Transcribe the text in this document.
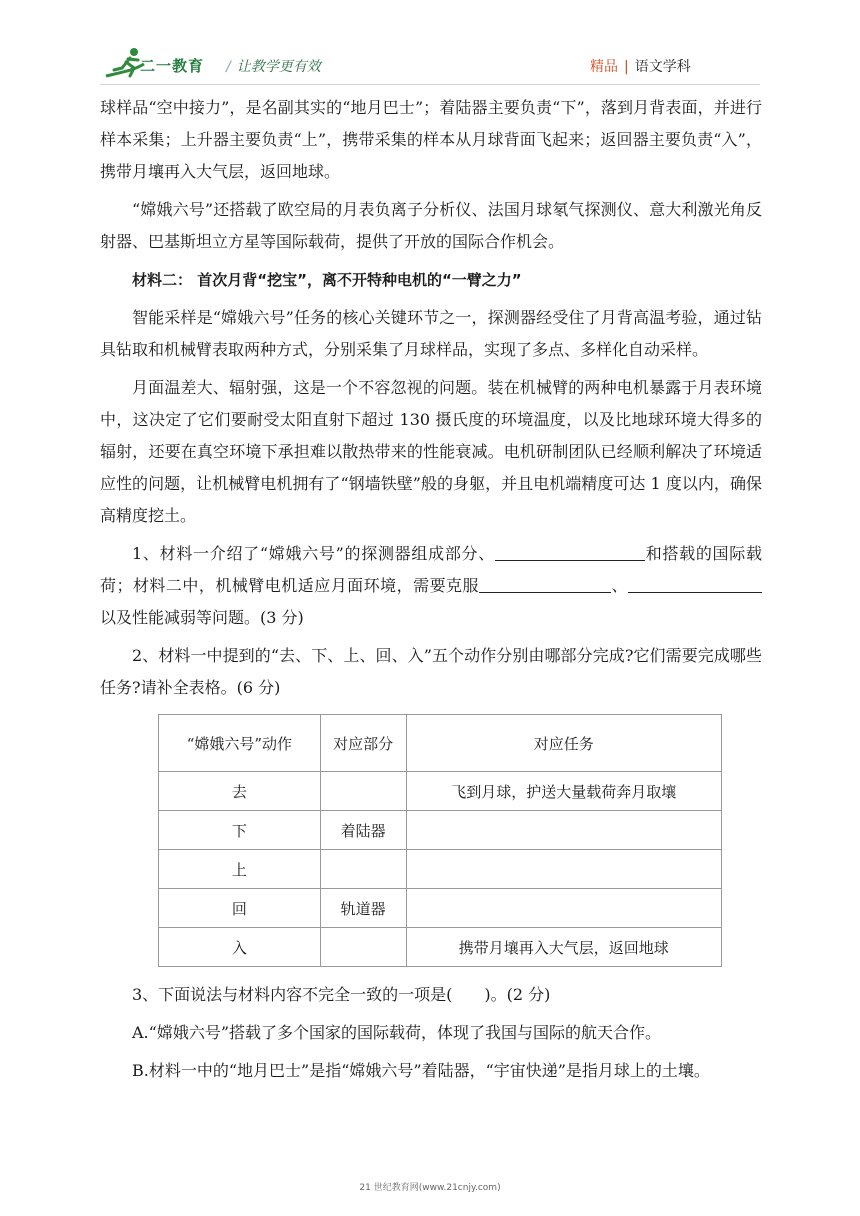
二一教育 / 让教学更有效	精品 | 语文学科

球样品“空中接力”，是名副其实的“地月巴士”；着陆器主要负责“下”，落到月背表面，并进行样本采集；上升器主要负责“上”，携带采集的样本从月球背面飞起来；返回器主要负责“入”，携带月壤再入大气层，返回地球。

“嫦娥六号”还搭载了欧空局的月表负离子分析仪、法国月球氡气探测仪、意大利激光角反射器、巴基斯坦立方星等国际载荷，提供了开放的国际合作机会。

材料二： 首次月背“挖宝”，离不开特种电机的“一臂之力”

智能采样是“嫦娥六号”任务的核心关键环节之一，探测器经受住了月背高温考验，通过钻具钻取和机械臂表取两种方式，分别采集了月球样品，实现了多点、多样化自动采样。

月面温差大、辐射强，这是一个不容忽视的问题。装在机械臂的两种电机暴露于月表环境中，这决定了它们要耐受太阳直射下超过 130 摄氏度的环境温度，以及比地球环境大得多的辐射，还要在真空环境下承担难以散热带来的性能衰减。电机研制团队已经顺利解决了环境适应性的问题，让机械臂电机拥有了“钢墙铁壁”般的身躯，并且电机端精度可达 1 度以内，确保高精度挖土。

1、材料一介绍了“嫦娥六号”的探测器组成部分、	和搭载的国际载荷；材料二中，机械臂电机适应月面环境，需要克服	、以及性能减弱等问题。(3 分)

2、材料一中提到的“去、下、上、回、入”五个动作分别由哪部分完成?它们需要完成哪些任务?请补全表格。(6 分)

“嫦娥六号”动作	对应部分	对应任务
去		飞到月球，护送大量载荷奔月取壤
下	着陆器	
上		
回	轨道器	
入		携带月壤再入大气层，返回地球

3、下面说法与材料内容不完全一致的一项是(　　)。(2 分)

A.“嫦娥六号”搭载了多个国家的国际载荷，体现了我国与国际的航天合作。

B.材料一中的“地月巴士”是指“嫦娥六号”着陆器，“宇宙快递”是指月球上的土壤。

21 世纪教育网(www.21cnjy.com)
